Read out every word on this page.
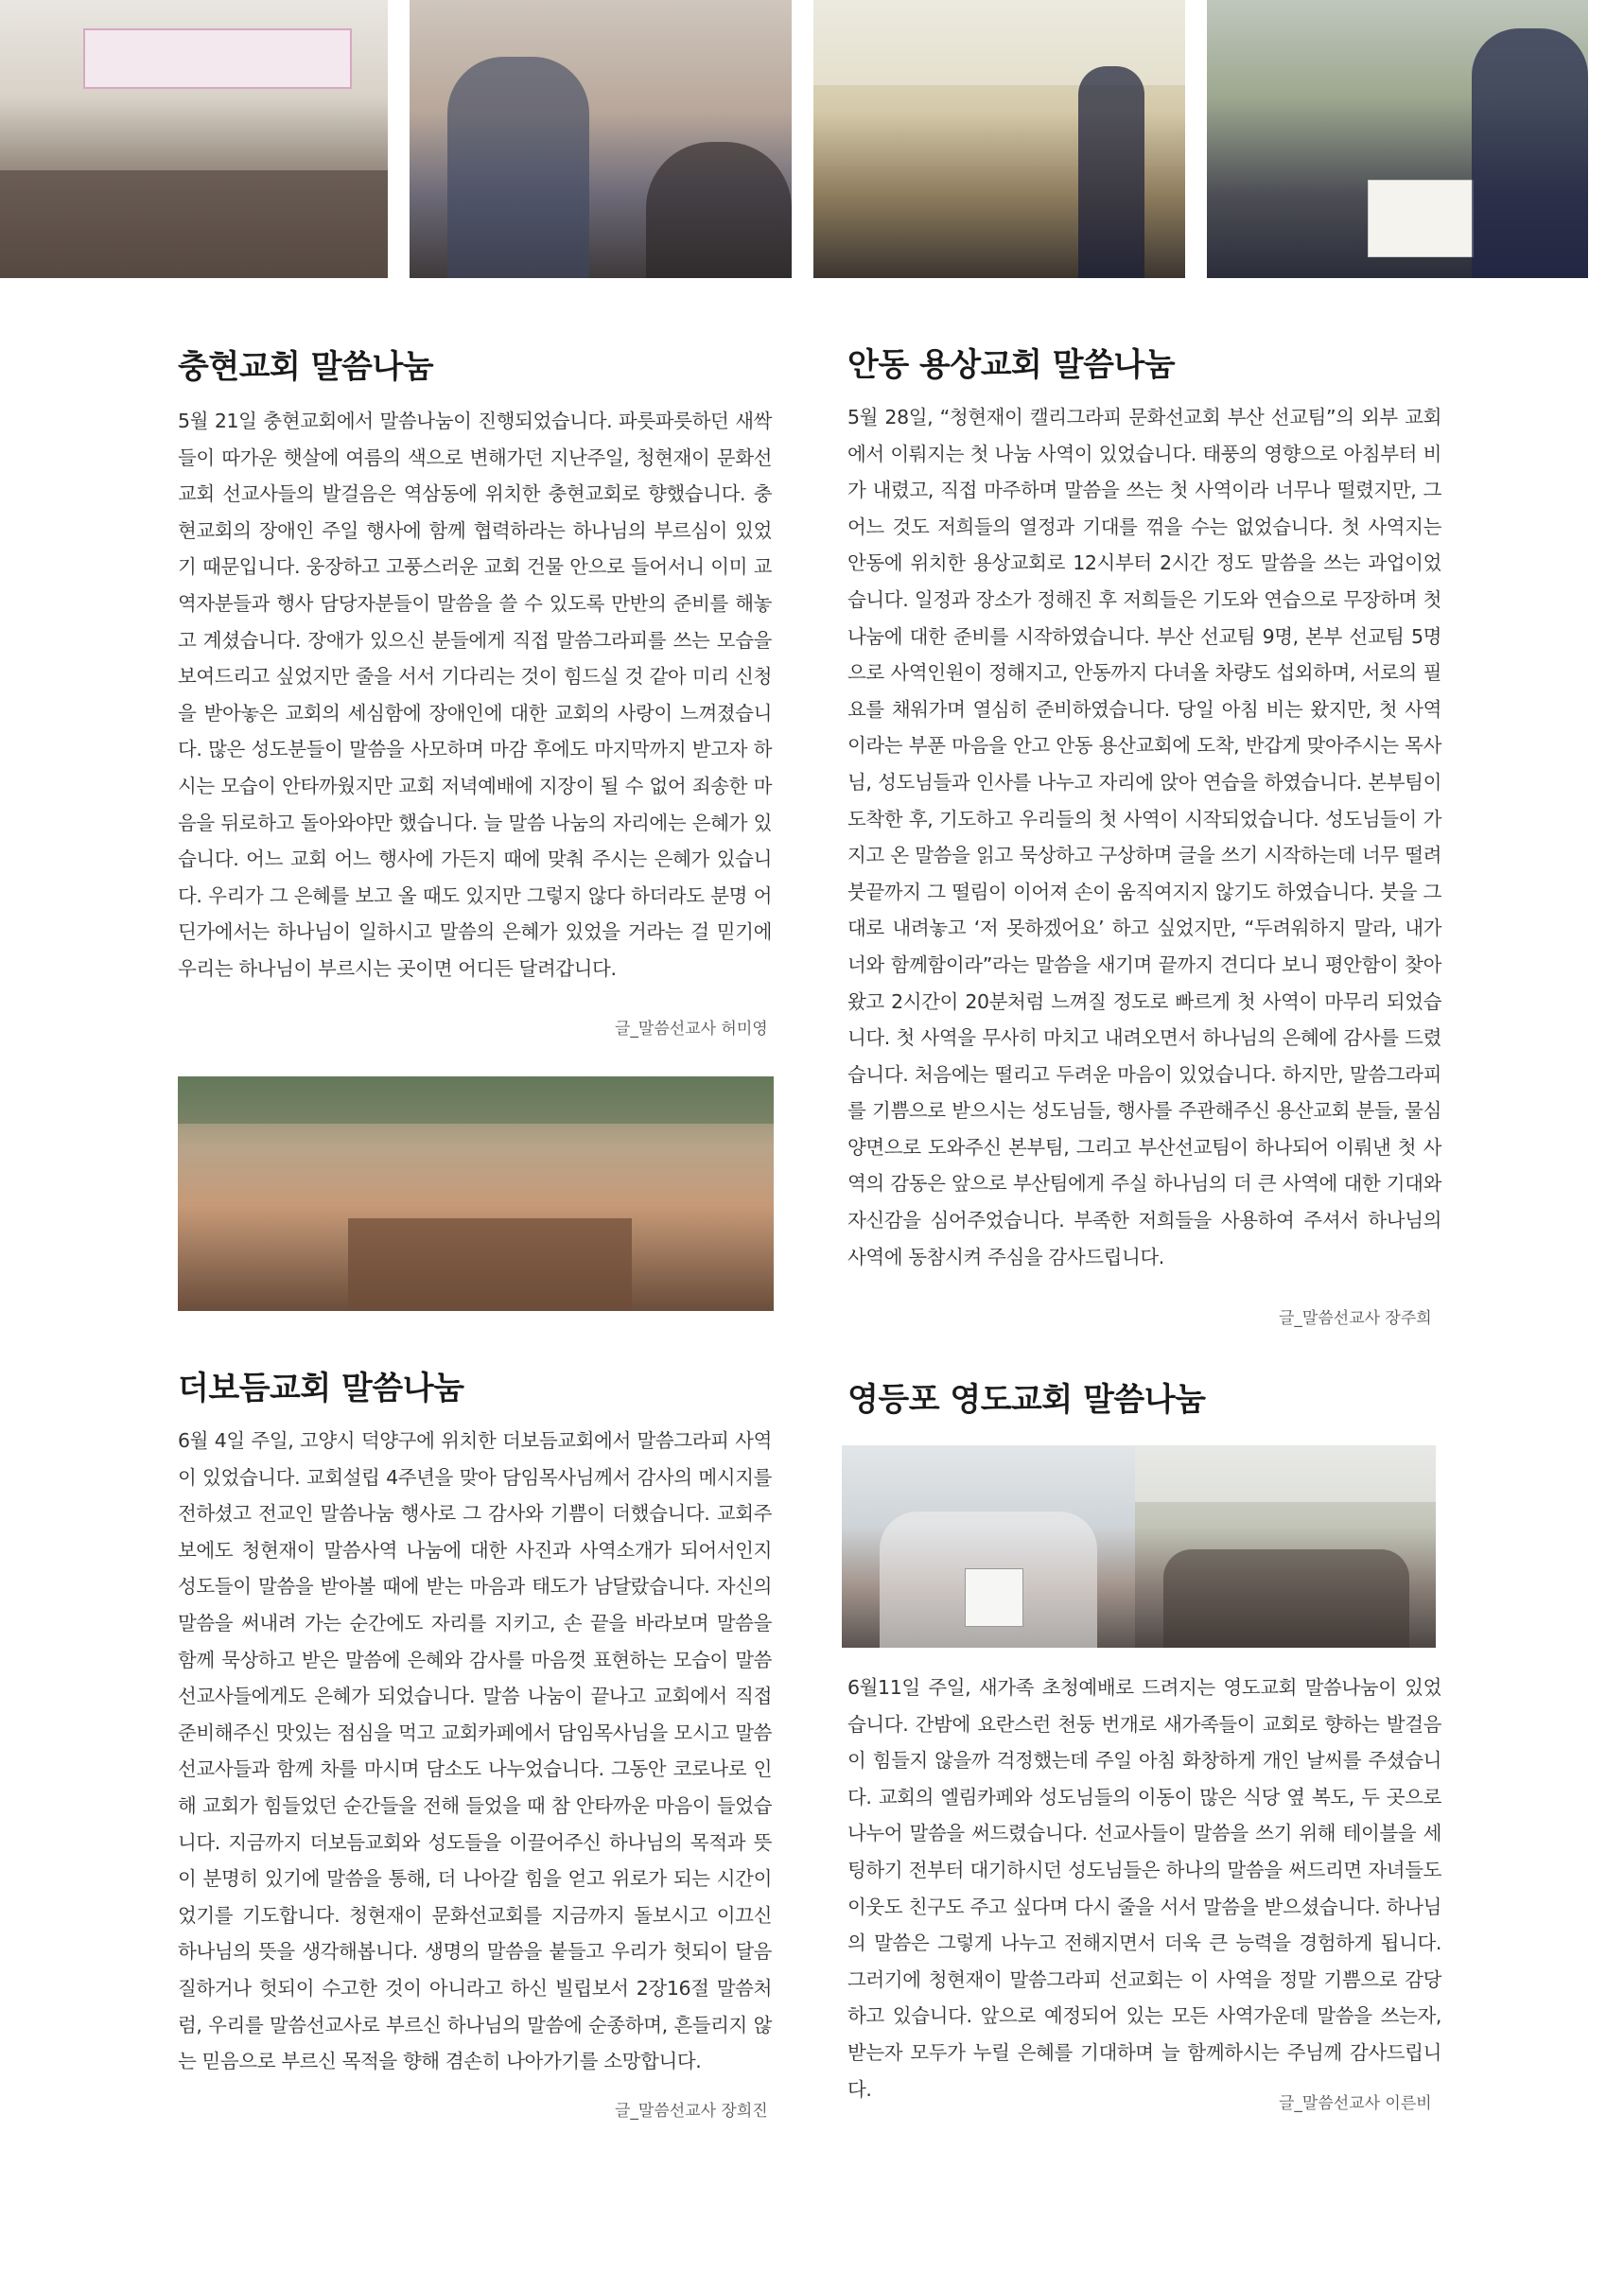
충현교회 말씀나눔

5월 21일 충현교회에서 말씀나눔이 진행되었습니다. 파릇파릇하던 새싹들이 따가운 햇살에 여름의 색으로 변해가던 지난주일, 청현재이 문화선교회 선교사들의 발걸음은 역삼동에 위치한 충현교회로 향했습니다. 충현교회의 장애인 주일 행사에 함께 협력하라는 하나님의 부르심이 있었기 때문입니다. 웅장하고 고풍스러운 교회 건물 안으로 들어서니 이미 교역자분들과 행사 담당자분들이 말씀을 쓸 수 있도록 만반의 준비를 해놓고 계셨습니다. 장애가 있으신 분들에게 직접 말씀그라피를 쓰는 모습을 보여드리고 싶었지만 줄을 서서 기다리는 것이 힘드실 것 같아 미리 신청을 받아놓은 교회의 세심함에 장애인에 대한 교회의 사랑이 느껴졌습니다. 많은 성도분들이 말씀을 사모하며 마감 후에도 마지막까지 받고자 하시는 모습이 안타까웠지만 교회 저녁예배에 지장이 될 수 없어 죄송한 마음을 뒤로하고 돌아와야만 했습니다. 늘 말씀 나눔의 자리에는 은혜가 있습니다. 어느 교회 어느 행사에 가든지 때에 맞춰 주시는 은혜가 있습니다. 우리가 그 은혜를 보고 올 때도 있지만 그렇지 않다 하더라도 분명 어딘가에서는 하나님이 일하시고 말씀의 은혜가 있었을 거라는 걸 믿기에 우리는 하나님이 부르시는 곳이면 어디든 달려갑니다.

글_말씀선교사 허미영

더보듬교회 말씀나눔

6월 4일 주일, 고양시 덕양구에 위치한 더보듬교회에서 말씀그라피 사역이 있었습니다. 교회설립 4주년을 맞아 담임목사님께서 감사의 메시지를 전하셨고 전교인 말씀나눔 행사로 그 감사와 기쁨이 더했습니다. 교회주보에도 청현재이 말씀사역 나눔에 대한 사진과 사역소개가 되어서인지 성도들이 말씀을 받아볼 때에 받는 마음과 태도가 남달랐습니다. 자신의 말씀을 써내려 가는 순간에도 자리를 지키고, 손 끝을 바라보며 말씀을 함께 묵상하고 받은 말씀에 은혜와 감사를 마음껏 표현하는 모습이 말씀선교사들에게도 은혜가 되었습니다. 말씀 나눔이 끝나고 교회에서 직접 준비해주신 맛있는 점심을 먹고 교회카페에서 담임목사님을 모시고 말씀선교사들과 함께 차를 마시며 담소도 나누었습니다. 그동안 코로나로 인해 교회가 힘들었던 순간들을 전해 들었을 때 참 안타까운 마음이 들었습니다. 지금까지 더보듬교회와 성도들을 이끌어주신 하나님의 목적과 뜻이 분명히 있기에 말씀을 통해, 더 나아갈 힘을 얻고 위로가 되는 시간이었기를 기도합니다. 청현재이 문화선교회를 지금까지 돌보시고 이끄신 하나님의 뜻을 생각해봅니다. 생명의 말씀을 붙들고 우리가 헛되이 달음질하거나 헛되이 수고한 것이 아니라고 하신 빌립보서 2장16절 말씀처럼, 우리를 말씀선교사로 부르신 하나님의 말씀에 순종하며, 흔들리지 않는 믿음으로 부르신 목적을 향해 겸손히 나아가기를 소망합니다.

글_말씀선교사 장희진

안동 용상교회 말씀나눔

5월 28일, “청현재이 캘리그라피 문화선교회 부산 선교팀”의 외부 교회에서 이뤄지는 첫 나눔 사역이 있었습니다. 태풍의 영향으로 아침부터 비가 내렸고, 직접 마주하며 말씀을 쓰는 첫 사역이라 너무나 떨렸지만, 그 어느 것도 저희들의 열정과 기대를 꺾을 수는 없었습니다. 첫 사역지는 안동에 위치한 용상교회로 12시부터 2시간 정도 말씀을 쓰는 과업이었습니다. 일정과 장소가 정해진 후 저희들은 기도와 연습으로 무장하며 첫 나눔에 대한 준비를 시작하였습니다. 부산 선교팀 9명, 본부 선교팀 5명으로 사역인원이 정해지고, 안동까지 다녀올 차량도 섭외하며, 서로의 필요를 채워가며 열심히 준비하였습니다. 당일 아침 비는 왔지만, 첫 사역이라는 부푼 마음을 안고 안동 용산교회에 도착, 반갑게 맞아주시는 목사님, 성도님들과 인사를 나누고 자리에 앉아 연습을 하였습니다. 본부팀이 도착한 후, 기도하고 우리들의 첫 사역이 시작되었습니다. 성도님들이 가지고 온 말씀을 읽고 묵상하고 구상하며 글을 쓰기 시작하는데 너무 떨려 붓끝까지 그 떨림이 이어져 손이 움직여지지 않기도 하였습니다. 붓을 그대로 내려놓고 ‘저 못하겠어요’ 하고 싶었지만, “두려워하지 말라, 내가 너와 함께함이라”라는 말씀을 새기며 끝까지 견디다 보니 평안함이 찾아왔고 2시간이 20분처럼 느껴질 정도로 빠르게 첫 사역이 마무리 되었습니다. 첫 사역을 무사히 마치고 내려오면서 하나님의 은혜에 감사를 드렸습니다. 처음에는 떨리고 두려운 마음이 있었습니다. 하지만, 말씀그라피를 기쁨으로 받으시는 성도님들, 행사를 주관해주신 용산교회 분들, 물심양면으로 도와주신 본부팀, 그리고 부산선교팀이 하나되어 이뤄낸 첫 사역의 감동은 앞으로 부산팀에게 주실 하나님의 더 큰 사역에 대한 기대와 자신감을 심어주었습니다. 부족한 저희들을 사용하여 주셔서 하나님의 사역에 동참시켜 주심을 감사드립니다.

글_말씀선교사 장주희

영등포 영도교회 말씀나눔

6월11일 주일, 새가족 초청예배로 드려지는 영도교회 말씀나눔이 있었습니다. 간밤에 요란스런 천둥 번개로 새가족들이 교회로 향하는 발걸음이 힘들지 않을까 걱정했는데 주일 아침 화창하게 개인 날씨를 주셨습니다. 교회의 엘림카페와 성도님들의 이동이 많은 식당 옆 복도, 두 곳으로 나누어 말씀을 써드렸습니다. 선교사들이 말씀을 쓰기 위해 테이블을 세팅하기 전부터 대기하시던 성도님들은 하나의 말씀을 써드리면 자녀들도 이웃도 친구도 주고 싶다며 다시 줄을 서서 말씀을 받으셨습니다. 하나님의 말씀은 그렇게 나누고 전해지면서 더욱 큰 능력을 경험하게 됩니다. 그러기에 청현재이 말씀그라피 선교회는 이 사역을 정말 기쁨으로 감당하고 있습니다. 앞으로 예정되어 있는 모든 사역가운데 말씀을 쓰는자, 받는자 모두가 누릴 은혜를 기대하며 늘 함께하시는 주님께 감사드립니다.

글_말씀선교사 이른비
